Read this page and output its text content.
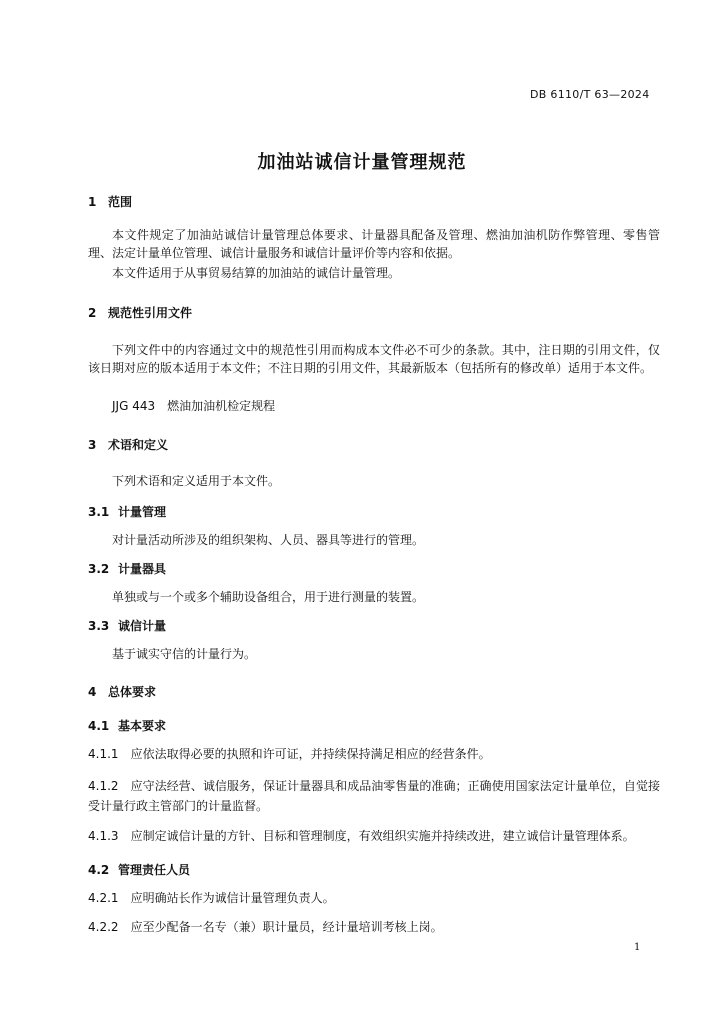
DB 6110/T 63—2024
加油站诚信计量管理规范
1 范围
本文件规定了加油站诚信计量管理总体要求、计量器具配备及管理、燃油加油机防作弊管理、零售管理、法定计量单位管理、诚信计量服务和诚信计量评价等内容和依据。
本文件适用于从事贸易结算的加油站的诚信计量管理。
2 规范性引用文件
下列文件中的内容通过文中的规范性引用而构成本文件必不可少的条款。其中，注日期的引用文件，仅该日期对应的版本适用于本文件；不注日期的引用文件，其最新版本（包括所有的修改单）适用于本文件。
JJG 443　燃油加油机检定规程
3 术语和定义
下列术语和定义适用于本文件。
3.1 计量管理
对计量活动所涉及的组织架构、人员、器具等进行的管理。
3.2 计量器具
单独或与一个或多个辅助设备组合，用于进行测量的装置。
3.3 诚信计量
基于诚实守信的计量行为。
4 总体要求
4.1 基本要求
4.1.1　 应依法取得必要的执照和许可证，并持续保持满足相应的经营条件。
4.1.2　 应守法经营、诚信服务，保证计量器具和成品油零售量的准确；正确使用国家法定计量单位，自觉接受计量行政主管部门的计量监督。
4.1.3　 应制定诚信计量的方针、目标和管理制度，有效组织实施并持续改进，建立诚信计量管理体系。
4.2 管理责任人员
4.2.1　 应明确站长作为诚信计量管理负责人。
4.2.2　 应至少配备一名专（兼）职计量员，经计量培训考核上岗。
1
